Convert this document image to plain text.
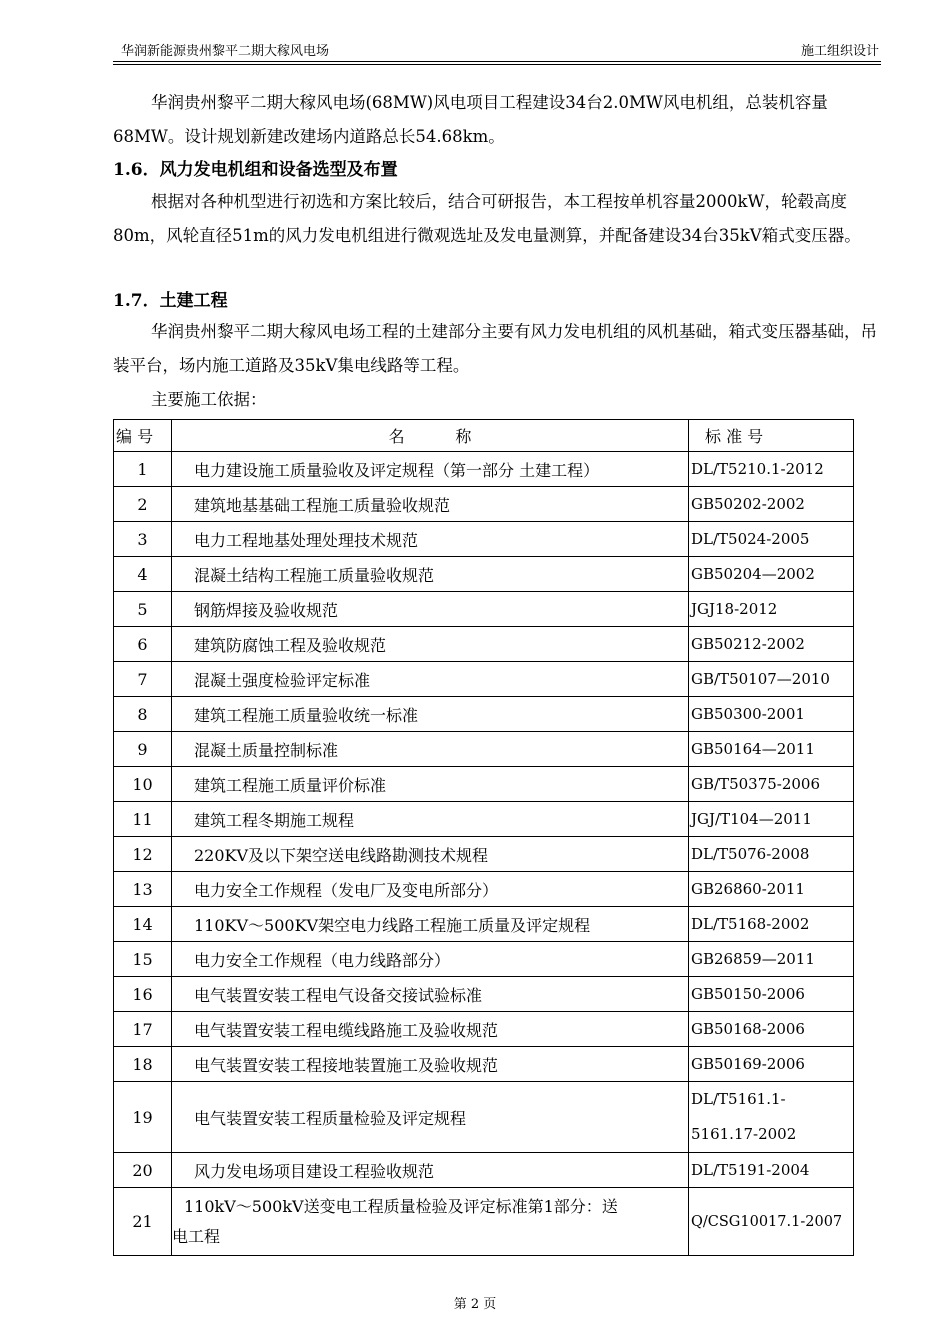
华润新能源贵州黎平二期大稼风电场	施工组织设计
华润贵州黎平二期大稼风电场(68MW)风电项目工程建设34台2.0MW风电机组，总装机容量68MW。设计规划新建改建场内道路总长54.68km。
1.6．风力发电机组和设备选型及布置
根据对各种机型进行初选和方案比较后，结合可研报告，本工程按单机容量2000kW，轮毂高度80m，风轮直径51m的风力发电机组进行微观选址及发电量测算，并配备建设34台35kV箱式变压器。
1.7．土建工程
华润贵州黎平二期大稼风电场工程的土建部分主要有风力发电机组的风机基础，箱式变压器基础，吊装平台，场内施工道路及35kV集电线路等工程。
主要施工依据：
编 号	名          称	标 准 号
1	电力建设施工质量验收及评定规程（第一部分 土建工程）	DL/T5210.1-2012
2	建筑地基基础工程施工质量验收规范	GB50202-2002
3	电力工程地基处理处理技术规范	DL/T5024-2005
4	混凝土结构工程施工质量验收规范	GB50204—2002
5	钢筋焊接及验收规范	JGJ18-2012
6	建筑防腐蚀工程及验收规范	GB50212-2002
7	混凝土强度检验评定标准	GB/T50107—2010
8	建筑工程施工质量验收统一标准	GB50300-2001
9	混凝土质量控制标准	GB50164—2011
10	建筑工程施工质量评价标准	GB/T50375-2006
11	建筑工程冬期施工规程	JGJ/T104—2011
12	220KV及以下架空送电线路勘测技术规程	DL/T5076-2008
13	电力安全工作规程（发电厂及变电所部分）	GB26860-2011
14	110KV～500KV架空电力线路工程施工质量及评定规程	DL/T5168-2002
15	电力安全工作规程（电力线路部分）	GB26859—2011
16	电气装置安装工程电气设备交接试验标准	GB50150-2006
17	电气装置安装工程电缆线路施工及验收规范	GB50168-2006
18	电气装置安装工程接地装置施工及验收规范	GB50169-2006
19	电气装置安装工程质量检验及评定规程	DL/T5161.1-
5161.17-2002

20	风力发电场项目建设工程验收规范	DL/T5191-2004
21	110kV～500kV送变电工程质量检验及评定标准第1部分：送
电工程	Q/CSG10017.1-2007
第 2 页
